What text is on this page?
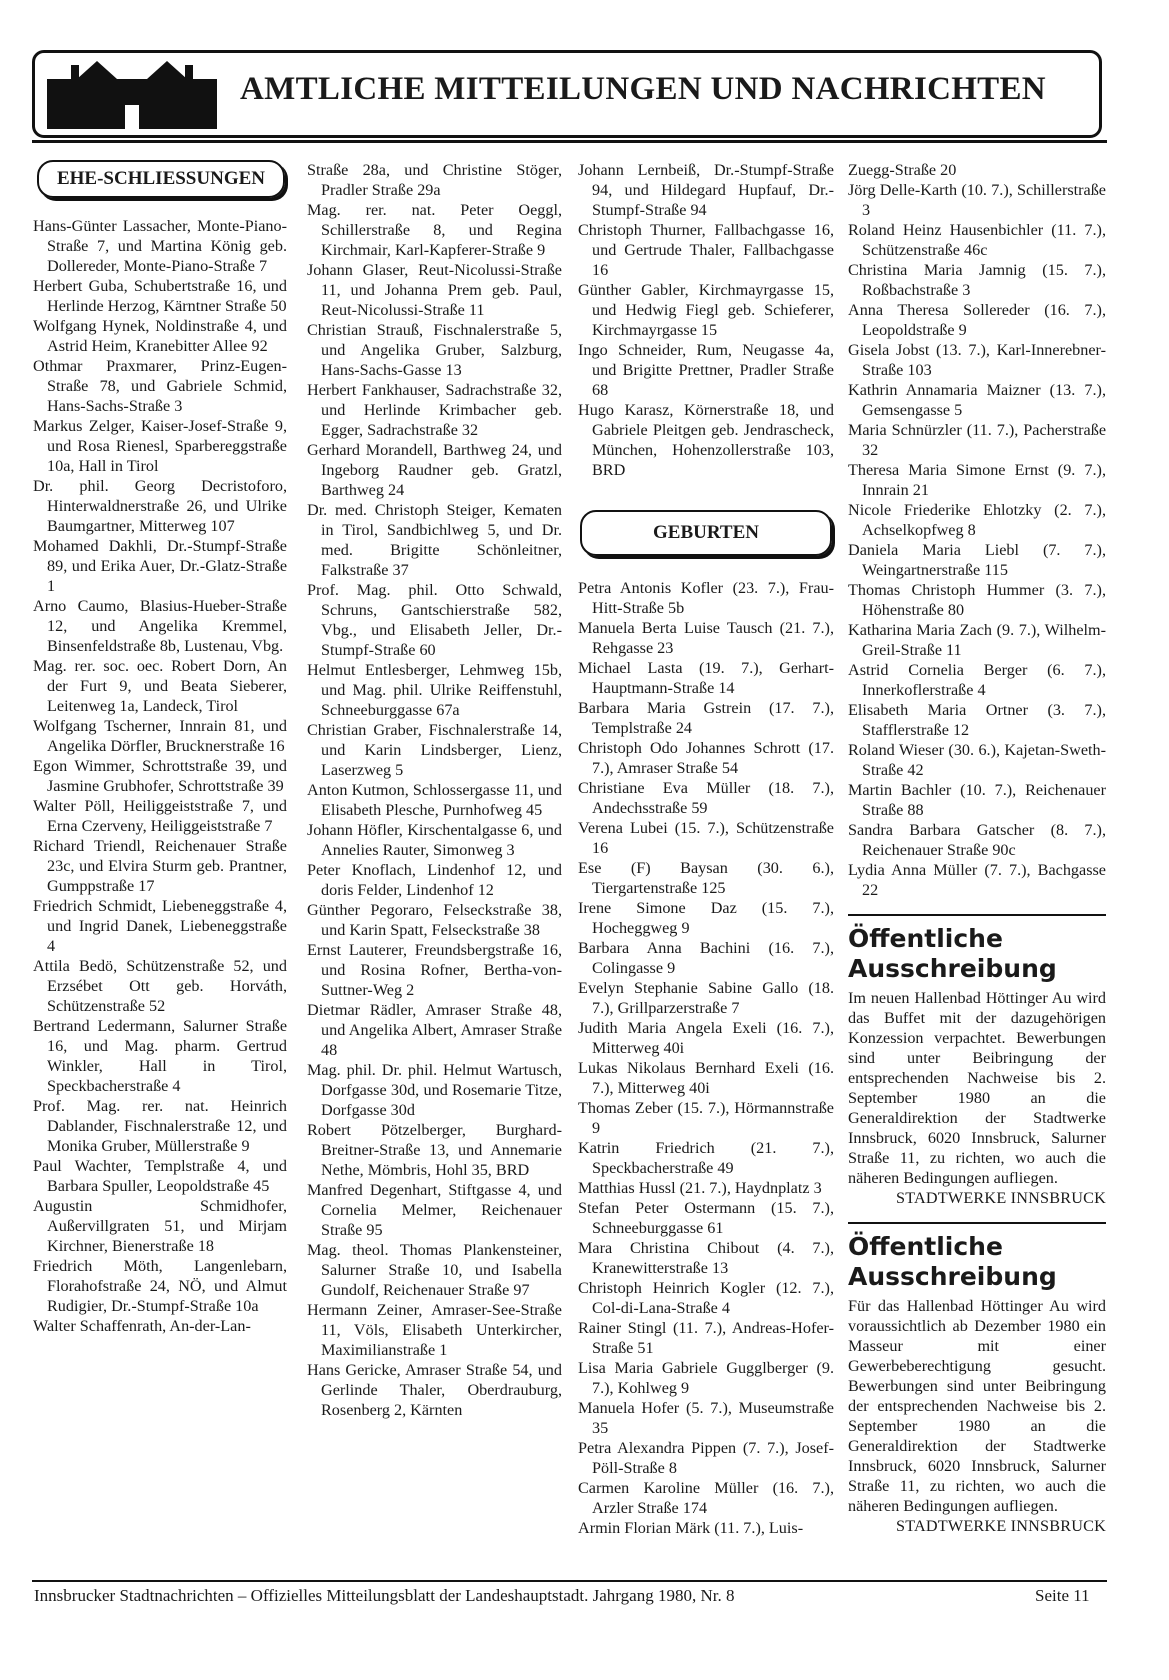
AMTLICHE MITTEILUNGEN UND NACHRICHTEN
EHE-SCHLIESSUNGEN
Hans-Günter Lassacher, Monte-Piano-Straße 7, und Martina König geb. Dollereder, Monte-Piano-Straße 7
Herbert Guba, Schubertstraße 16, und Herlinde Herzog, Kärntner Straße 50
Wolfgang Hynek, Noldinstraße 4, und Astrid Heim, Kranebitter Allee 92
Othmar Praxmarer, Prinz-Eugen-Straße 78, und Gabriele Schmid, Hans-Sachs-Straße 3
Markus Zelger, Kaiser-Josef-Straße 9, und Rosa Rienesl, Sparbereggstraße 10a, Hall in Tirol
Dr. phil. Georg Decristoforo, Hinterwaldnerstraße 26, und Ulrike Baumgartner, Mitterweg 107
Mohamed Dakhli, Dr.-Stumpf-Straße 89, und Erika Auer, Dr.-Glatz-Straße 1
Arno Caumo, Blasius-Hueber-Straße 12, und Angelika Kremmel, Binsenfeldstraße 8b, Lustenau, Vbg.
Mag. rer. soc. oec. Robert Dorn, An der Furt 9, und Beata Sieberer, Leitenweg 1a, Landeck, Tirol
Wolfgang Tscherner, Innrain 81, und Angelika Dörfler, Brucknerstraße 16
Egon Wimmer, Schrottstraße 39, und Jasmine Grubhofer, Schrottstraße 39
Walter Pöll, Heiliggeiststraße 7, und Erna Czerveny, Heiliggeiststraße 7
Richard Triendl, Reichenauer Straße 23c, und Elvira Sturm geb. Prantner, Gumppstraße 17
Friedrich Schmidt, Liebeneggstraße 4, und Ingrid Danek, Liebeneggstraße 4
Attila Bedö, Schützenstraße 52, und Erzsébet Ott geb. Horváth, Schützenstraße 52
Bertrand Ledermann, Salurner Straße 16, und Mag. pharm. Gertrud Winkler, Hall in Tirol, Speckbacherstraße 4
Prof. Mag. rer. nat. Heinrich Dablander, Fischnalerstraße 12, und Monika Gruber, Müllerstraße 9
Paul Wachter, Templstraße 4, und Barbara Spuller, Leopoldstraße 45
Augustin Schmidhofer, Außervillgraten 51, und Mirjam Kirchner, Bienerstraße 18
Friedrich Möth, Langenlebarn, Florahofstraße 24, NÖ, und Almut Rudigier, Dr.-Stumpf-Straße 10a
Walter Schaffenrath, An-der-Lan-
Straße 28a, und Christine Stöger, Pradler Straße 29a
Mag. rer. nat. Peter Oeggl, Schillerstraße 8, und Regina Kirchmair, Karl-Kapferer-Straße 9
Johann Glaser, Reut-Nicolussi-Straße 11, und Johanna Prem geb. Paul, Reut-Nicolussi-Straße 11
Christian Strauß, Fischnalerstraße 5, und Angelika Gruber, Salzburg, Hans-Sachs-Gasse 13
Herbert Fankhauser, Sadrachstraße 32, und Herlinde Krimbacher geb. Egger, Sadrachstraße 32
Gerhard Morandell, Barthweg 24, und Ingeborg Raudner geb. Gratzl, Barthweg 24
Dr. med. Christoph Steiger, Kematen in Tirol, Sandbichlweg 5, und Dr. med. Brigitte Schönleitner, Falkstraße 37
Prof. Mag. phil. Otto Schwald, Schruns, Gantschierstraße 582, Vbg., und Elisabeth Jeller, Dr.-Stumpf-Straße 60
Helmut Entlesberger, Lehmweg 15b, und Mag. phil. Ulrike Reiffenstuhl, Schneeburggasse 67a
Christian Graber, Fischnalerstraße 14, und Karin Lindsberger, Lienz, Laserzweg 5
Anton Kutmon, Schlossergasse 11, und Elisabeth Plesche, Purnhofweg 45
Johann Höfler, Kirschentalgasse 6, und Annelies Rauter, Simonweg 3
Peter Knoflach, Lindenhof 12, und doris Felder, Lindenhof 12
Günther Pegoraro, Felseckstraße 38, und Karin Spatt, Felseckstraße 38
Ernst Lauterer, Freundsbergstraße 16, und Rosina Rofner, Bertha-von-Suttner-Weg 2
Dietmar Rädler, Amraser Straße 48, und Angelika Albert, Amraser Straße 48
Mag. phil. Dr. phil. Helmut Wartusch, Dorfgasse 30d, und Rosemarie Titze, Dorfgasse 30d
Robert Pötzelberger, Burghard-Breitner-Straße 13, und Annemarie Nethe, Mömbris, Hohl 35, BRD
Manfred Degenhart, Stiftgasse 4, und Cornelia Melmer, Reichenauer Straße 95
Mag. theol. Thomas Plankensteiner, Salurner Straße 10, und Isabella Gundolf, Reichenauer Straße 97
Hermann Zeiner, Amraser-See-Straße 11, Völs, Elisabeth Unterkircher, Maximilianstraße 1
Hans Gericke, Amraser Straße 54, und Gerlinde Thaler, Oberdrauburg, Rosenberg 2, Kärnten
Johann Lernbeiß, Dr.-Stumpf-Straße 94, und Hildegard Hupfauf, Dr.-Stumpf-Straße 94
Christoph Thurner, Fallbachgasse 16, und Gertrude Thaler, Fallbachgasse 16
Günther Gabler, Kirchmayrgasse 15, und Hedwig Fiegl geb. Schieferer, Kirchmayrgasse 15
Ingo Schneider, Rum, Neugasse 4a, und Brigitte Prettner, Pradler Straße 68
Hugo Karasz, Körnerstraße 18, und Gabriele Pleitgen geb. Jendrascheck, München, Hohenzollerstraße 103, BRD
GEBURTEN
Petra Antonis Kofler (23. 7.), Frau-Hitt-Straße 5b
Manuela Berta Luise Tausch (21. 7.), Rehgasse 23
Michael Lasta (19. 7.), Gerhart-Hauptmann-Straße 14
Barbara Maria Gstrein (17. 7.), Templstraße 24
Christoph Odo Johannes Schrott (17. 7.), Amraser Straße 54
Christiane Eva Müller (18. 7.), Andechsstraße 59
Verena Lubei (15. 7.), Schützenstraße 16
Ese (F) Baysan (30. 6.), Tiergartenstraße 125
Irene Simone Daz (15. 7.), Hocheggweg 9
Barbara Anna Bachini (16. 7.), Colingasse 9
Evelyn Stephanie Sabine Gallo (18. 7.), Grillparzerstraße 7
Judith Maria Angela Exeli (16. 7.), Mitterweg 40i
Lukas Nikolaus Bernhard Exeli (16. 7.), Mitterweg 40i
Thomas Zeber (15. 7.), Hörmannstraße 9
Katrin Friedrich (21. 7.), Speckbacherstraße 49
Matthias Hussl (21. 7.), Haydnplatz 3
Stefan Peter Ostermann (15. 7.), Schneeburggasse 61
Mara Christina Chibout (4. 7.), Kranewitterstraße 13
Christoph Heinrich Kogler (12. 7.), Col-di-Lana-Straße 4
Rainer Stingl (11. 7.), Andreas-Hofer-Straße 51
Lisa Maria Gabriele Gugglberger (9. 7.), Kohlweg 9
Manuela Hofer (5. 7.), Museumstraße 35
Petra Alexandra Pippen (7. 7.), Josef-Pöll-Straße 8
Carmen Karoline Müller (16. 7.), Arzler Straße 174
Armin Florian Märk (11. 7.), Luis-
Zuegg-Straße 20
Jörg Delle-Karth (10. 7.), Schillerstraße 3
Roland Heinz Hausenbichler (11. 7.), Schützenstraße 46c
Christina Maria Jamnig (15. 7.), Roßbachstraße 3
Anna Theresa Sollereder (16. 7.), Leopoldstraße 9
Gisela Jobst (13. 7.), Karl-Innerebner-Straße 103
Kathrin Annamaria Maizner (13. 7.), Gemsengasse 5
Maria Schnürzler (11. 7.), Pacherstraße 32
Theresa Maria Simone Ernst (9. 7.), Innrain 21
Nicole Friederike Ehlotzky (2. 7.), Achselkopfweg 8
Daniela Maria Liebl (7. 7.), Weingartnerstraße 115
Thomas Christoph Hummer (3. 7.), Höhenstraße 80
Katharina Maria Zach (9. 7.), Wilhelm-Greil-Straße 11
Astrid Cornelia Berger (6. 7.), Innerkoflerstraße 4
Elisabeth Maria Ortner (3. 7.), Stafflerstraße 12
Roland Wieser (30. 6.), Kajetan-Sweth-Straße 42
Martin Bachler (10. 7.), Reichenauer Straße 88
Sandra Barbara Gatscher (8. 7.), Reichenauer Straße 90c
Lydia Anna Müller (7. 7.), Bachgasse 22
Öffentliche Ausschreibung
Im neuen Hallenbad Höttinger Au wird das Buffet mit der dazugehörigen Konzession verpachtet. Bewerbungen sind unter Beibringung der entsprechenden Nachweise bis 2. September 1980 an die Generaldirektion der Stadtwerke Innsbruck, 6020 Innsbruck, Salurner Straße 11, zu richten, wo auch die näheren Bedingungen aufliegen.
STADTWERKE INNSBRUCK
Öffentliche Ausschreibung
Für das Hallenbad Höttinger Au wird voraussichtlich ab Dezember 1980 ein Masseur mit einer Gewerbeberechtigung gesucht. Bewerbungen sind unter Beibringung der entsprechenden Nachweise bis 2. September 1980 an die Generaldirektion der Stadtwerke Innsbruck, 6020 Innsbruck, Salurner Straße 11, zu richten, wo auch die näheren Bedingungen aufliegen.
STADTWERKE INNSBRUCK
Innsbrucker Stadtnachrichten – Offizielles Mitteilungsblatt der Landeshauptstadt. Jahrgang 1980, Nr. 8	Seite 11
